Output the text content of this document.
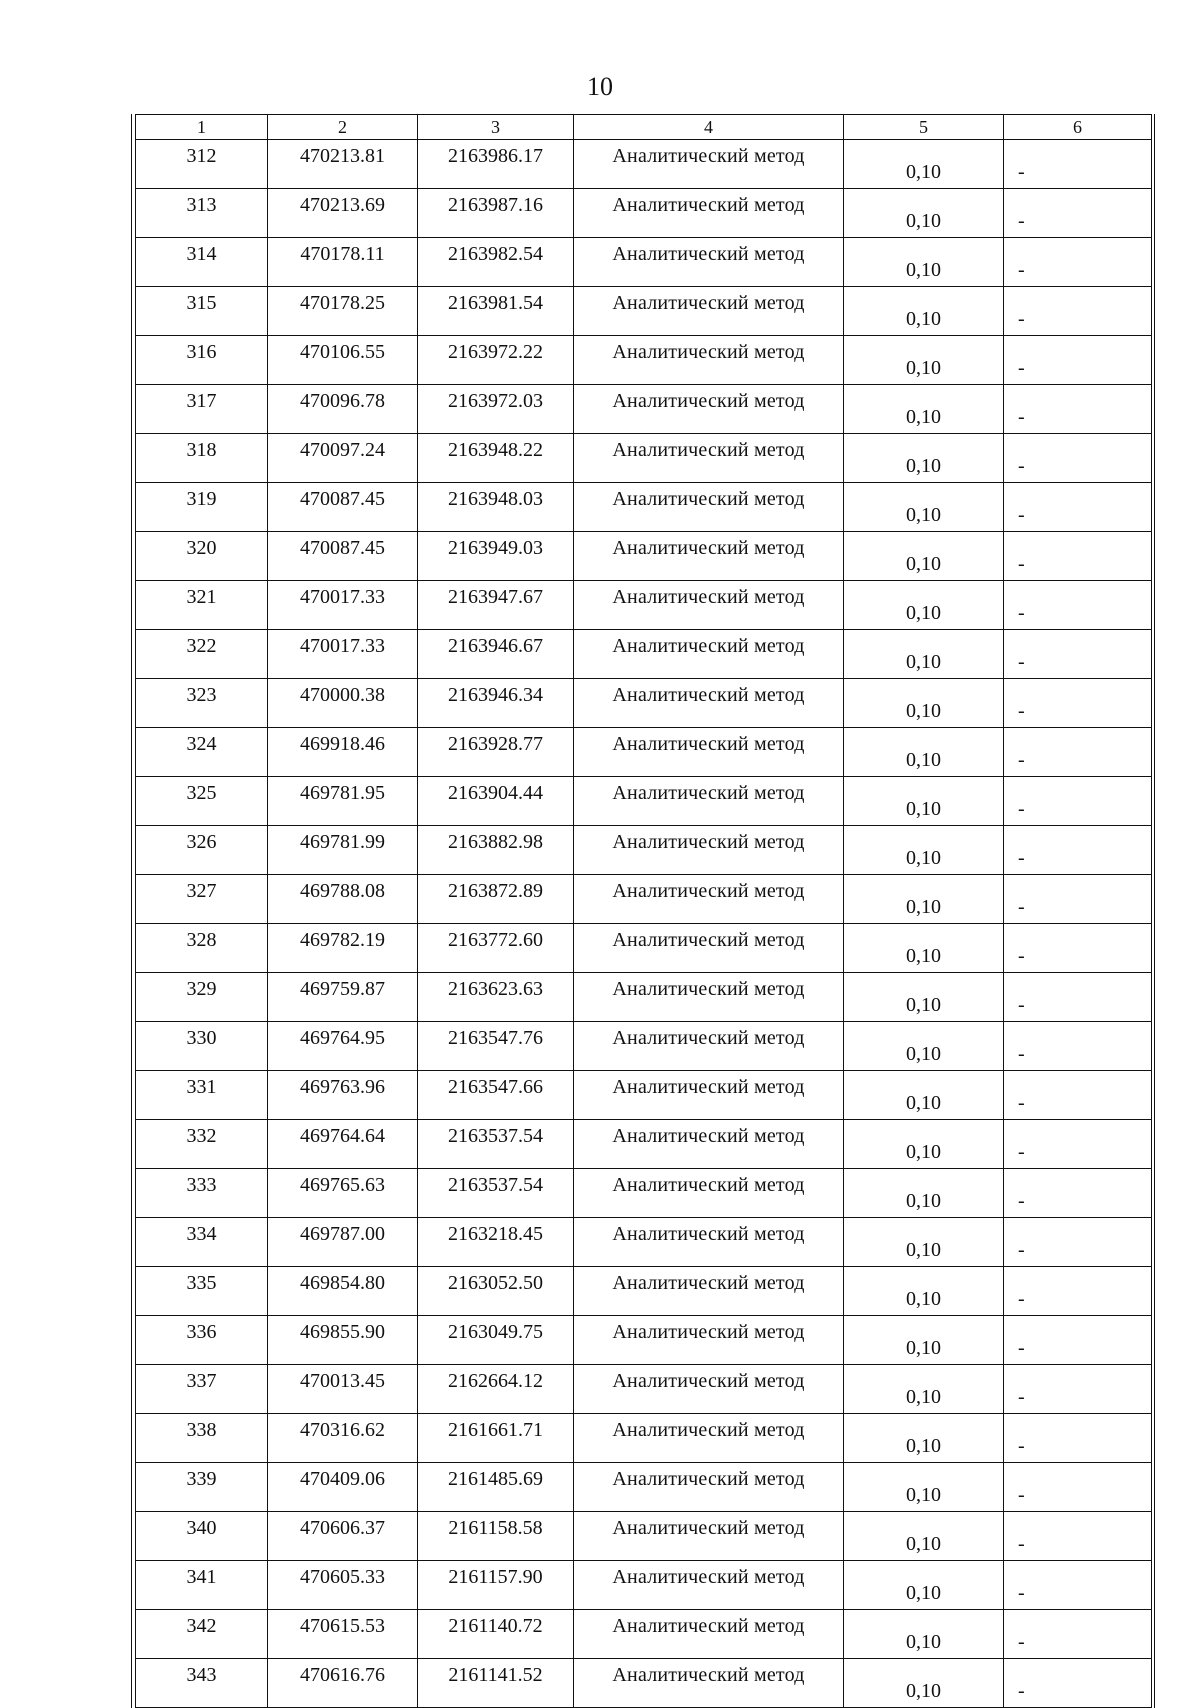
10
1	2	3	4	5	6
312	470213.81	2163986.17	Аналитический метод	0,10	-
313	470213.69	2163987.16	Аналитический метод	0,10	-
314	470178.11	2163982.54	Аналитический метод	0,10	-
315	470178.25	2163981.54	Аналитический метод	0,10	-
316	470106.55	2163972.22	Аналитический метод	0,10	-
317	470096.78	2163972.03	Аналитический метод	0,10	-
318	470097.24	2163948.22	Аналитический метод	0,10	-
319	470087.45	2163948.03	Аналитический метод	0,10	-
320	470087.45	2163949.03	Аналитический метод	0,10	-
321	470017.33	2163947.67	Аналитический метод	0,10	-
322	470017.33	2163946.67	Аналитический метод	0,10	-
323	470000.38	2163946.34	Аналитический метод	0,10	-
324	469918.46	2163928.77	Аналитический метод	0,10	-
325	469781.95	2163904.44	Аналитический метод	0,10	-
326	469781.99	2163882.98	Аналитический метод	0,10	-
327	469788.08	2163872.89	Аналитический метод	0,10	-
328	469782.19	2163772.60	Аналитический метод	0,10	-
329	469759.87	2163623.63	Аналитический метод	0,10	-
330	469764.95	2163547.76	Аналитический метод	0,10	-
331	469763.96	2163547.66	Аналитический метод	0,10	-
332	469764.64	2163537.54	Аналитический метод	0,10	-
333	469765.63	2163537.54	Аналитический метод	0,10	-
334	469787.00	2163218.45	Аналитический метод	0,10	-
335	469854.80	2163052.50	Аналитический метод	0,10	-
336	469855.90	2163049.75	Аналитический метод	0,10	-
337	470013.45	2162664.12	Аналитический метод	0,10	-
338	470316.62	2161661.71	Аналитический метод	0,10	-
339	470409.06	2161485.69	Аналитический метод	0,10	-
340	470606.37	2161158.58	Аналитический метод	0,10	-
341	470605.33	2161157.90	Аналитический метод	0,10	-
342	470615.53	2161140.72	Аналитический метод	0,10	-
343	470616.76	2161141.52	Аналитический метод	0,10	-
